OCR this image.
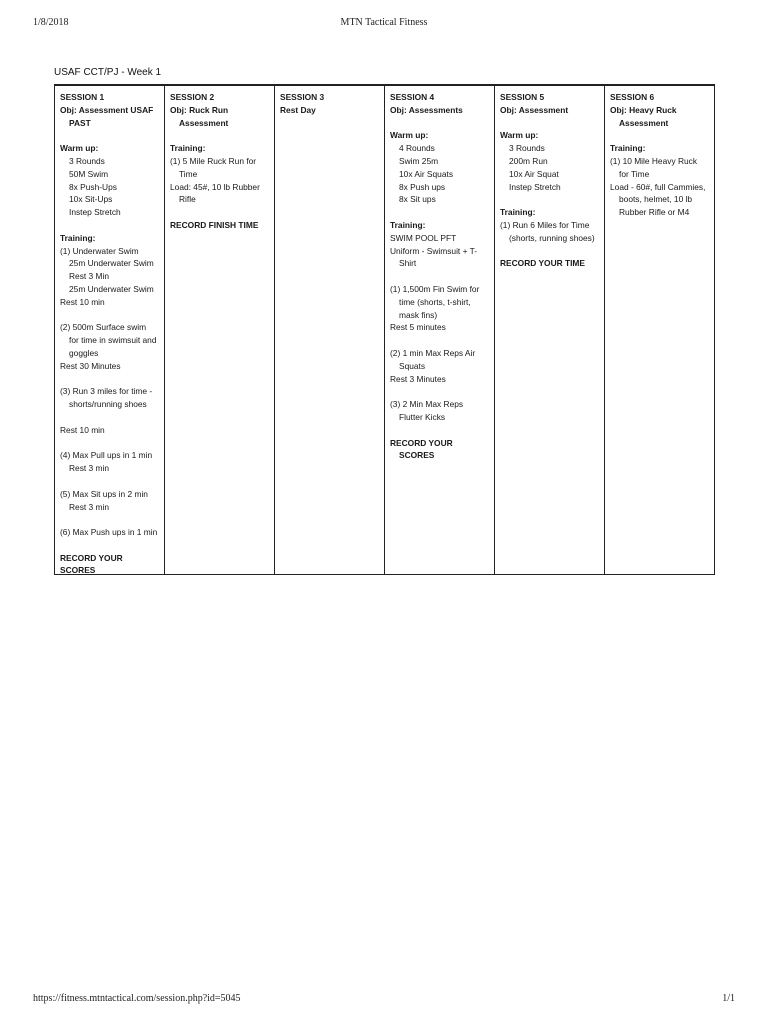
1/8/2018	MTN Tactical Fitness
USAF CCT/PJ - Week 1
SESSION 1
Obj: Assessment USAF
PAST
Warm up:
3 Rounds
50M Swim
8x Push-Ups
10x Sit-Ups
Instep Stretch
Training:
(1) Underwater Swim
25m Underwater Swim
Rest 3 Min
25m Underwater Swim
Rest 10 min
(2) 500m Surface swim
for time in swimsuit and
goggles
Rest 30 Minutes
(3) Run 3 miles for time -
shorts/running shoes
Rest 10 min
(4) Max Pull ups in 1 min
Rest 3 min
(5) Max Sit ups in 2 min
Rest 3 min
(6) Max Push ups in 1 min
RECORD YOUR
SCORES
SESSION 2
Obj: Ruck Run
Assessment
Training:
(1) 5 Mile Ruck Run for
Time
Load: 45#, 10 lb Rubber
Rifle
RECORD FINISH TIME
SESSION 3
Rest Day
SESSION 4
Obj: Assessments
Warm up:
4 Rounds
Swim 25m
10x Air Squats
8x Push ups
8x Sit ups
Training:
SWIM POOL PFT
Uniform - Swimsuit + T-
Shirt
(1) 1,500m Fin Swim for
time (shorts, t-shirt,
mask fins)
Rest 5 minutes
(2) 1 min Max Reps Air
Squats
Rest 3 Minutes
(3) 2 Min Max Reps
Flutter Kicks
RECORD YOUR
SCORES
SESSION 5
Obj: Assessment
Warm up:
3 Rounds
200m Run
10x Air Squat
Instep Stretch
Training:
(1) Run 6 Miles for Time
(shorts, running shoes)
RECORD YOUR TIME
SESSION 6
Obj: Heavy Ruck
Assessment
Training:
(1) 10 Mile Heavy Ruck
for Time
Load - 60#, full Cammies,
boots, helmet, 10 lb
Rubber Rifle or M4
https://fitness.mtntactical.com/session.php?id=5045	1/1
